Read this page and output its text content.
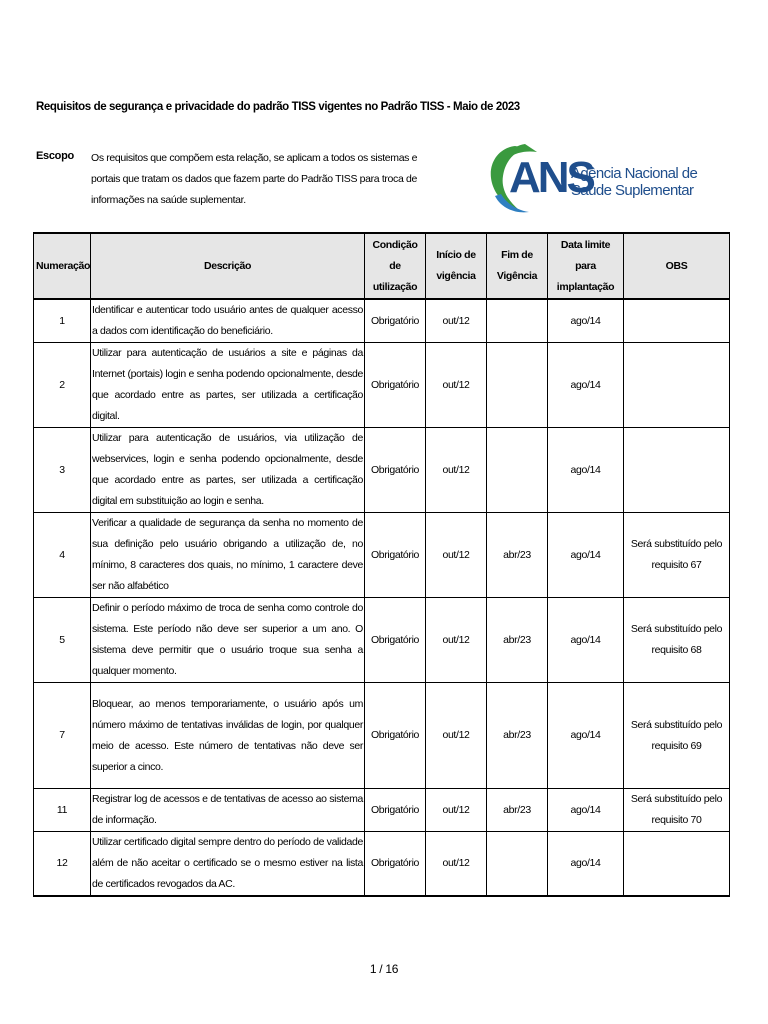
Requisitos de segurança e privacidade do padrão TISS vigentes no Padrão TISS - Maio de 2023
Escopo Os requisitos que compõem esta relação, se aplicam a todos os sistemas e portais que tratam os dados que fazem parte do Padrão TISS para troca de informações na saúde suplementar.	ANS
Agência Nacional de
Saúde Suplementar
Numeração	Descrição	Condição de utilização	Início de vigência	Fim de Vigência	Data limite para implantação	OBS
1	Identificar e autenticar todo usuário antes de qualquer acesso a dados com identificação do beneficiário.	Obrigatório	out/12		ago/14	
2	Utilizar para autenticação de usuários a site e páginas da Internet (portais) login e senha podendo opcionalmente, desde que acordado entre as partes, ser utilizada a certificação digital.	Obrigatório	out/12		ago/14	
3	Utilizar para autenticação de usuários, via utilização de webservices, login e senha podendo opcionalmente, desde que acordado entre as partes, ser utilizada a certificação digital em substituição ao login e senha.	Obrigatório	out/12		ago/14	
4	Verificar a qualidade de segurança da senha no momento de sua definição pelo usuário obrigando a utilização de, no mínimo, 8 caracteres dos quais, no mínimo, 1 caractere deve ser não alfabético	Obrigatório	out/12	abr/23	ago/14	Será substituído pelo requisito 67
5	Definir o período máximo de troca de senha como controle do sistema. Este período não deve ser superior a um ano. O sistema deve permitir que o usuário troque sua senha a qualquer momento.	Obrigatório	out/12	abr/23	ago/14	Será substituído pelo requisito 68
7	Bloquear, ao menos temporariamente, o usuário após um número máximo de tentativas inválidas de login, por qualquer meio de acesso. Este número de tentativas não deve ser superior a cinco.	Obrigatório	out/12	abr/23	ago/14	Será substituído pelo requisito 69
11	Registrar log de acessos e de tentativas de acesso ao sistema de informação.	Obrigatório	out/12	abr/23	ago/14	Será substituído pelo requisito 70
12	Utilizar certificado digital sempre dentro do período de validade além de não aceitar o certificado se o mesmo estiver na lista de certificados revogados da AC.	Obrigatório	out/12		ago/14	
1 / 16
